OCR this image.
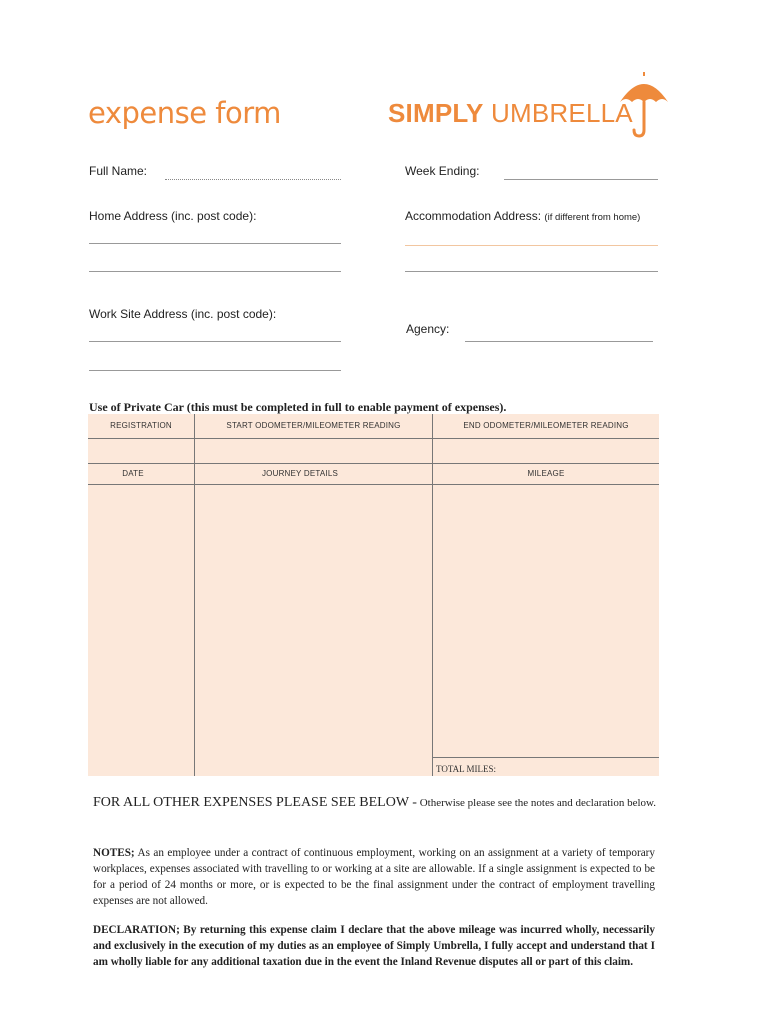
expense form	SIMPLY UMBRELLA
Full Name:	Week Ending:
Home Address (inc. post code):	Accommodation Address: (if different from home)
Work Site Address (inc. post code):
Agency:
Use of Private Car (this must be completed in full to enable payment of expenses).
REGISTRATION	START ODOMETER/MILEOMETER READING	END ODOMETER/MILEOMETER READING
DATE	JOURNEY DETAILS	MILEAGE
TOTAL MILES:
FOR ALL OTHER EXPENSES PLEASE SEE BELOW - Otherwise please see the notes and declaration below.
NOTES; As an employee under a contract of continuous employment, working on an assignment at a variety of temporary workplaces, expenses associated with travelling to or working at a site are allowable. If a single assignment is expected to be for a period of 24 months or more, or is expected to be the final assignment under the contract of employment travelling expenses are not allowed.
DECLARATION; By returning this expense claim I declare that the above mileage was incurred wholly, necessarily and exclusively in the execution of my duties as an employee of Simply Umbrella, I fully accept and understand that I am wholly liable for any additional taxation due in the event the Inland Revenue disputes all or part of this claim.
